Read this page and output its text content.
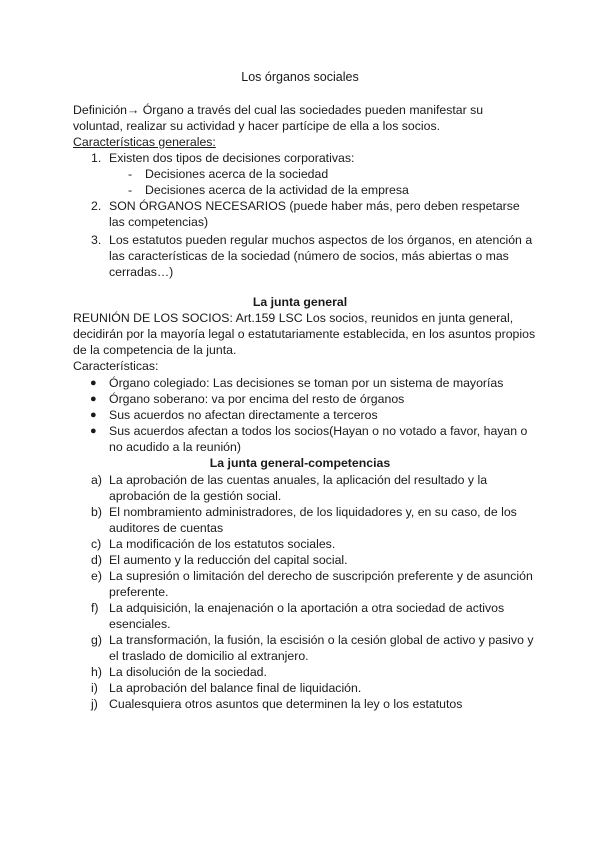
Los órganos sociales
Definición→ Órgano a través del cual las sociedades pueden manifestar su
voluntad, realizar su actividad y hacer partícipe de ella a los socios.
Características generales:
1. Existen dos tipos de decisiones corporativas:
- Decisiones acerca de la sociedad
- Decisiones acerca de la actividad de la empresa
2. SON ÓRGANOS NECESARIOS (puede haber más, pero deben respetarse
las competencias)
3. Los estatutos pueden regular muchos aspectos de los órganos, en atención a
las características de la sociedad (número de socios, más abiertas o mas
cerradas…)
La junta general
REUNIÓN DE LOS SOCIOS: Art.159 LSC Los socios, reunidos en junta general,
decidirán por la mayoría legal o estatutariamente establecida, en los asuntos propios
de la competencia de la junta.
Características:
● Órgano colegiado: Las decisiones se toman por un sistema de mayorías
● Órgano soberano: va por encima del resto de órganos
● Sus acuerdos no afectan directamente a terceros
● Sus acuerdos afectan a todos los socios(Hayan o no votado a favor, hayan o
no acudido a la reunión)
La junta general-competencias
a) La aprobación de las cuentas anuales, la aplicación del resultado y la
aprobación de la gestión social.
b) El nombramiento administradores, de los liquidadores y, en su caso, de los
auditores de cuentas
c) La modificación de los estatutos sociales.
d) El aumento y la reducción del capital social.
e) La supresión o limitación del derecho de suscripción preferente y de asunción
preferente.
f) La adquisición, la enajenación o la aportación a otra sociedad de activos
esenciales.
g) La transformación, la fusión, la escisión o la cesión global de activo y pasivo y
el traslado de domicilio al extranjero.
h) La disolución de la sociedad.
i) La aprobación del balance final de liquidación.
j) Cualesquiera otros asuntos que determinen la ley o los estatutos
